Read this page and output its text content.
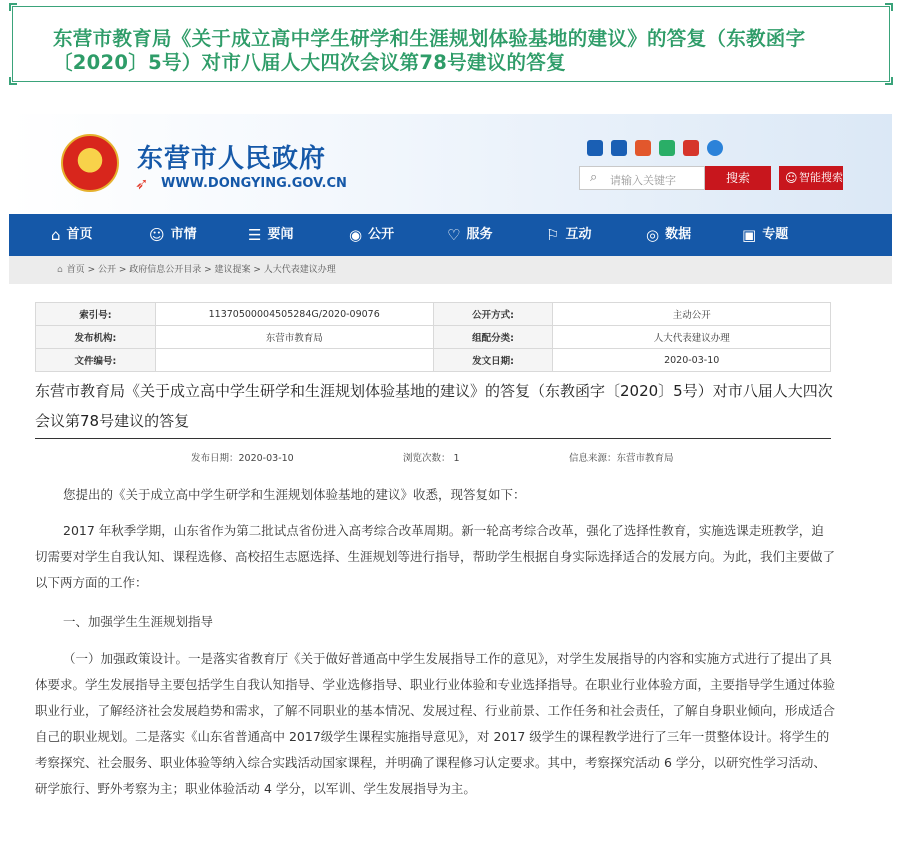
东营市教育局《关于成立高中学生研学和生涯规划体验基地的建议》的答复（东教函字〔2020〕5号）对市八届人大四次会议第78号建议的答复
★ 东营市人民政府
➶ WWW.DONGYING.GOV.CN	⌕ 请输入关键字	搜索	☺ 智能搜索
⌂ 首页	☺ 市情	☰ 要闻	◉ 公开	♡ 服务	⚐ 互动	◎ 数据	▣ 专题
⌂ 首页 > 公开 > 政府信息公开目录 > 建议提案 > 人大代表建议办理
索引号:	11370500004505284G/2020-09076	公开方式:	主动公开
发布机构:	东营市教育局	组配分类:	人大代表建议办理
文件编号:		发文日期:	2020-03-10
东营市教育局《关于成立高中学生研学和生涯规划体验基地的建议》的答复（东教函字〔2020〕5号）对市八届人大四次会议第78号建议的答复
发布日期：2020-03-10	浏览次数： 1	信息来源：东营市教育局
您提出的《关于成立高中学生研学和生涯规划体验基地的建议》收悉，现答复如下：
2017 年秋季学期，山东省作为第二批试点省份进入高考综合改革周期。新一轮高考综合改革，强化了选择性教育，实施选课走班教学，迫切需要对学生自我认知、课程选修、高校招生志愿选择、生涯规划等进行指导，帮助学生根据自身实际选择适合的发展方向。为此，我们主要做了以下两方面的工作：
一、加强学生生涯规划指导
（一）加强政策设计。一是落实省教育厅《关于做好普通高中学生发展指导工作的意见》，对学生发展指导的内容和实施方式进行了提出了具体要求。学生发展指导主要包括学生自我认知指导、学业选修指导、职业行业体验和专业选择指导。在职业行业体验方面，主要指导学生通过体验职业行业，了解经济社会发展趋势和需求，了解不同职业的基本情况、发展过程、行业前景、工作任务和社会责任，了解自身职业倾向，形成适合自己的职业规划。二是落实《山东省普通高中 2017级学生课程实施指导意见》，对 2017 级学生的课程教学进行了三年一贯整体设计。将学生的考察探究、社会服务、职业体验等纳入综合实践活动国家课程，并明确了课程修习认定要求。其中，考察探究活动 6 学分，以研究性学习活动、研学旅行、野外考察为主；职业体验活动 4 学分，以军训、学生发展指导为主。
